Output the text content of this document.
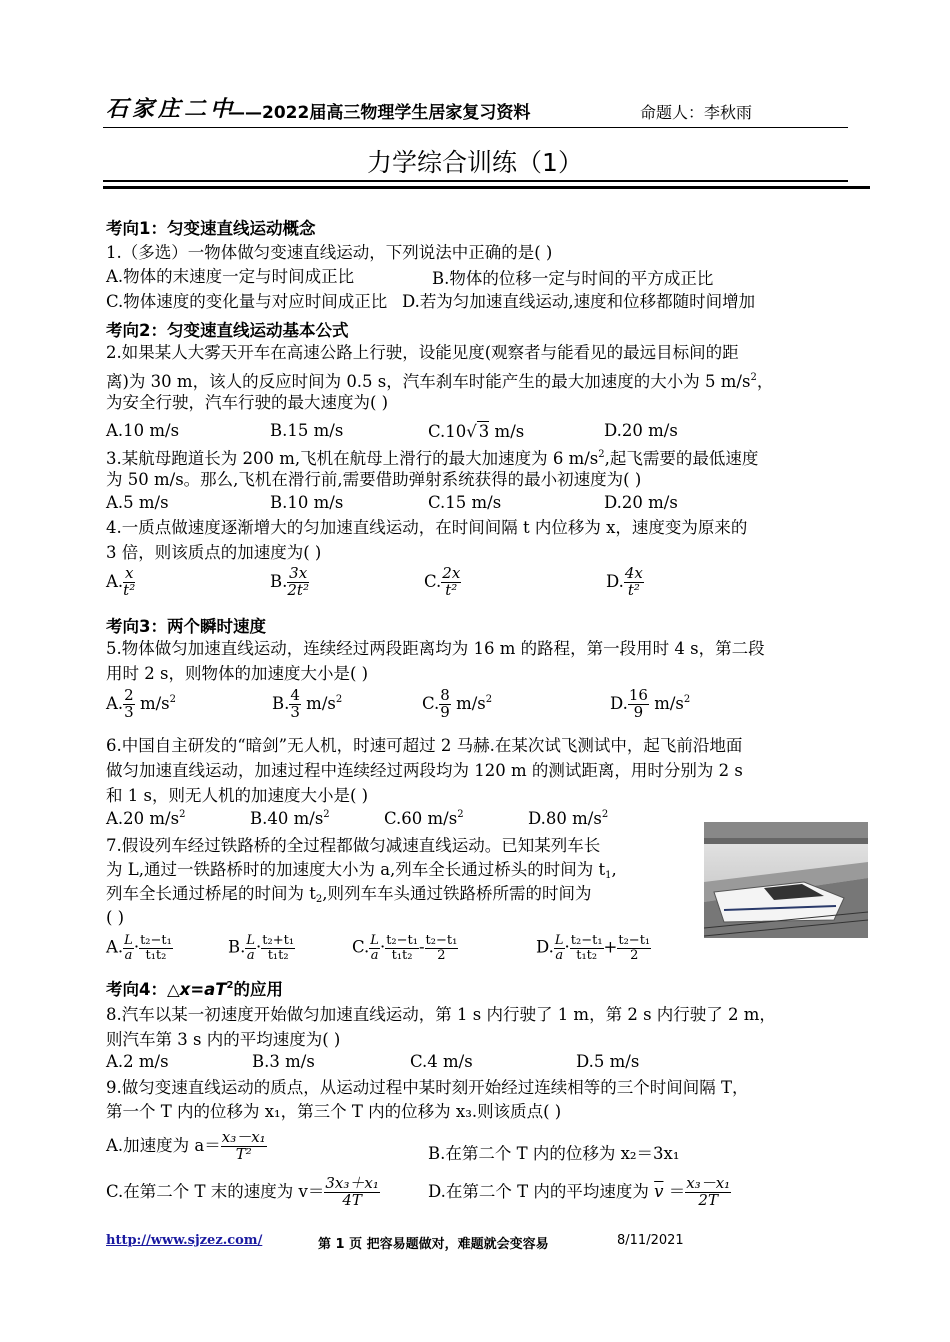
石家庄二中
——2022届高三物理学生居家复习资料	命题人：李秋雨
力学综合训练（1）
考向1：匀变速直线运动概念
1.（多选）一物体做匀变速直线运动，下列说法中正确的是( )
A.物体的末速度一定与时间成正比	B.物体的位移一定与时间的平方成正比
C.物体速度的变化量与对应时间成正比 D.若为匀加速直线运动,速度和位移都随时间增加
考向2：匀变速直线运动基本公式
2.如果某人大雾天开车在高速公路上行驶，设能见度(观察者与能看见的最远目标间的距
离)为 30 m，该人的反应时间为 0.5 s，汽车刹车时能产生的最大加速度的大小为 5 $m/s^2$，
为安全行驶，汽车行驶的最大速度为( )
A.10 m/s	B.15 m/s	C.10√ 3 m/s	D.20 m/s
3.某航母跑道长为 200 m,飞机在航母上滑行的最大加速度为 6 $m/s^2$,起飞需要的最低速度
为 50 m/s。那么,飞机在滑行前,需要借助弹射系统获得的最小初速度为( )
A.5 m/s	B.10 m/s	C.15 m/s	D.20 m/s
4.一质点做速度逐渐增大的匀加速直线运动，在时间间隔 t 内位移为 x，速度变为原来的
3 倍，则该质点的加速度为( )
A. $\frac{x}{\text{t²}}$	B. $\frac{3x}{\text{2t²}}$	C. $\frac{2x}{\text{t²}}$	D. $\frac{4x}{\text{t²}}$
考向3：两个瞬时速度
5.物体做匀加速直线运动，连续经过两段距离均为 16 m 的路程，第一段用时 4 s，第二段
用时 2 s，则物体的加速度大小是( )
A. $\frac{2}{3} m/s^2$	B. $\frac{4}{3} m/s^2$	C. $\frac{8}{9} m/s^2$	D. $\frac{16}{9} m/s^2$
6.中国自主研发的“暗剑”无人机，时速可超过 2 马赫.在某次试飞测试中，起飞前沿地面
做匀加速直线运动，加速过程中连续经过两段均为 120 m 的测试距离，用时分别为 2 s
和 1 s，则无人机的加速度大小是( )
A.20 $m/s^2$	B.40 $m/s^2$	C.60 $m/s^2$	D.80 $m/s^2$
7.假设列车经过铁路桥的全过程都做匀减速直线运动。已知某列车长
为 L,通过一铁路桥时的加速度大小为 a,列车全长通过桥头的时间为 $t_1$,
列车全长通过桥尾的时间为 $t_2$,则列车车头通过铁路桥所需的时间为
( )
A. $\frac{L}{a} \cdot \frac{\text{t₂−t₁}}{\text{t₁t₂}}$	B. $\frac{L}{a} \cdot \frac{\text{t₂+t₁}}{\text{t₁t₂}}$	C. $\frac{L}{a} \cdot \frac{\text{t₂−t₁}}{\text{t₁t₂}} - \frac{\text{t₂−t₁}}{2}$	D. $\frac{L}{a} \cdot \frac{\text{t₂−t₁}}{\text{t₁t₂}} + \frac{\text{t₂−t₁}}{2}$
考向4：$\triangle x=aT^2$的应用
8.汽车以某一初速度开始做匀加速直线运动，第 1 s 内行驶了 1 m，第 2 s 内行驶了 2 m，
则汽车第 3 s 内的平均速度为( )
A.2 m/s	B.3 m/s	C.4 m/s	D.5 m/s
9.做匀变速直线运动的质点，从运动过程中某时刻开始经过连续相等的三个时间间隔 T，
第一个 T 内的位移为 x₁，第三个 T 内的位移为 x₃.则该质点( )
A.加速度为 $a= \frac{\text{x₃－x₁}}{\text{T²}}$	B.在第二个 T 内的位移为 x₂＝3x₁
C.在第二个 T 末的速度为 $v= \frac{\text{3x₃＋x₁}}{4T}$	D.在第二个 T 内的平均速度为 $\overline{v} = \frac{\text{x₃－x₁}}{2T}$
http://www.sjzez.com/	第 1 页 把容易题做对，难题就会变容易	8/11/2021
